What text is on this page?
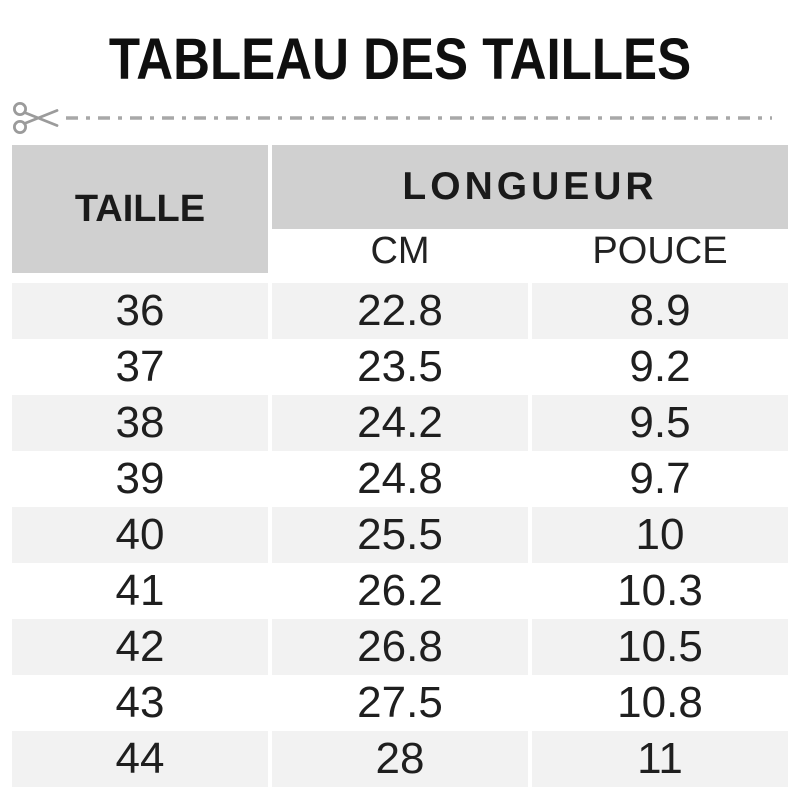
TABLEAU DES TAILLES
TAILLE
LONGUEUR
CM	POUCE
36	22.8	8.9
37	23.5	9.2
38	24.2	9.5
39	24.8	9.7
40	25.5	10
41	26.2	10.3
42	26.8	10.5
43	27.5	10.8
44	28	11
